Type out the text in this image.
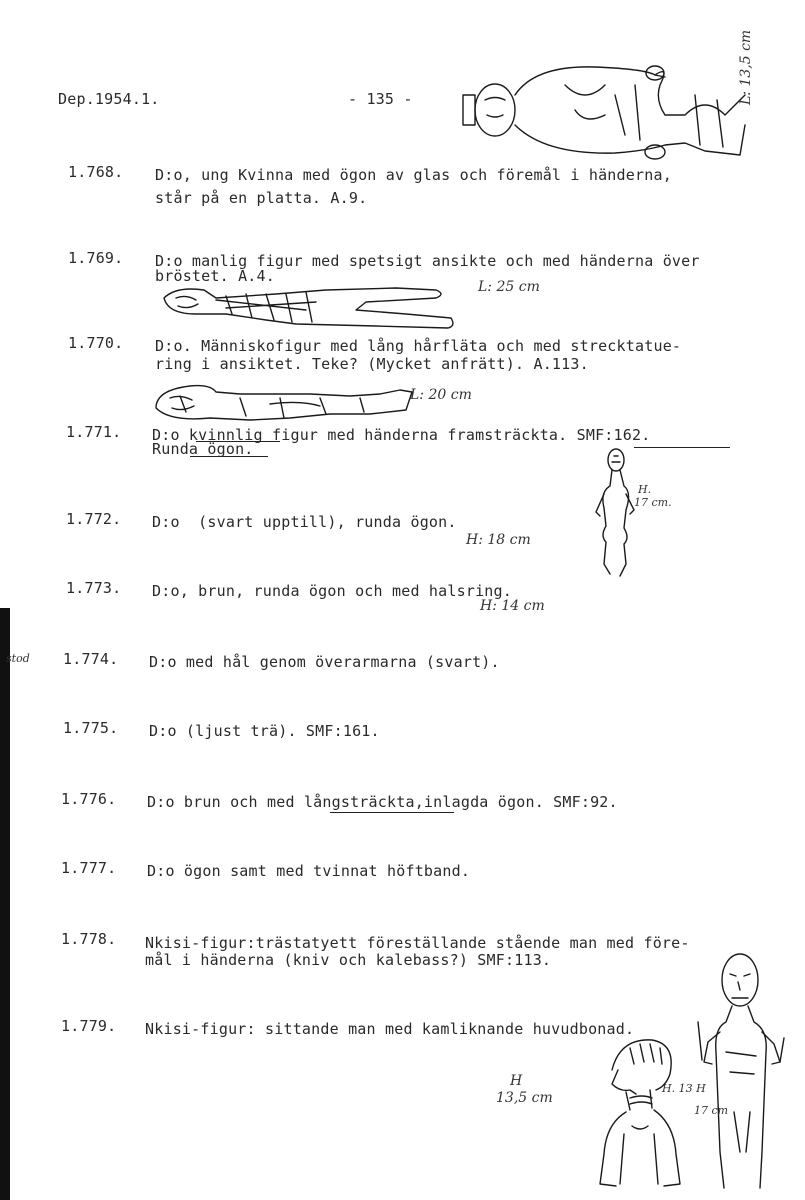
Dep.1954.1.	- 135 -
1.768. D:o, ung Kvinna med ögon av glas och föremål i händerna,
står på en platta. A.9.
1.769. D:o manlig figur med spetsigt ansikte och med händerna över
bröstet. A.4.
1.770. D:o. Människofigur med lång hårfläta och med strecktatue-
ring i ansiktet. Teke? (Mycket anfrätt). A.113.
1.771. D:o kvinnlig figur med händerna framsträckta. SMF:162.
Runda ögon.
1.772. D:o  (svart upptill), runda ögon.
1.773. D:o, brun, runda ögon och med halsring.
1.774. D:o med hål genom överarmarna (svart).
1.775. D:o (ljust trä). SMF:161.
1.776. D:o brun och med långsträckta,inlagda ögon. SMF:92.
1.777. D:o ögon samt med tvinnat höftband.
1.778. Nkisi-figur:trästatyett föreställande stående man med före-
mål i händerna (kniv och kalebass?) SMF:113.
1.779. Nkisi-figur: sittande man med kamliknande huvudbonad.
L: 13,5 cm
L: 25 cm
L: 20 cm
H.
17 cm.
H: 18 cm
H: 14 cm
stod
H
13,5 cm
H. 13 H
17 cm
